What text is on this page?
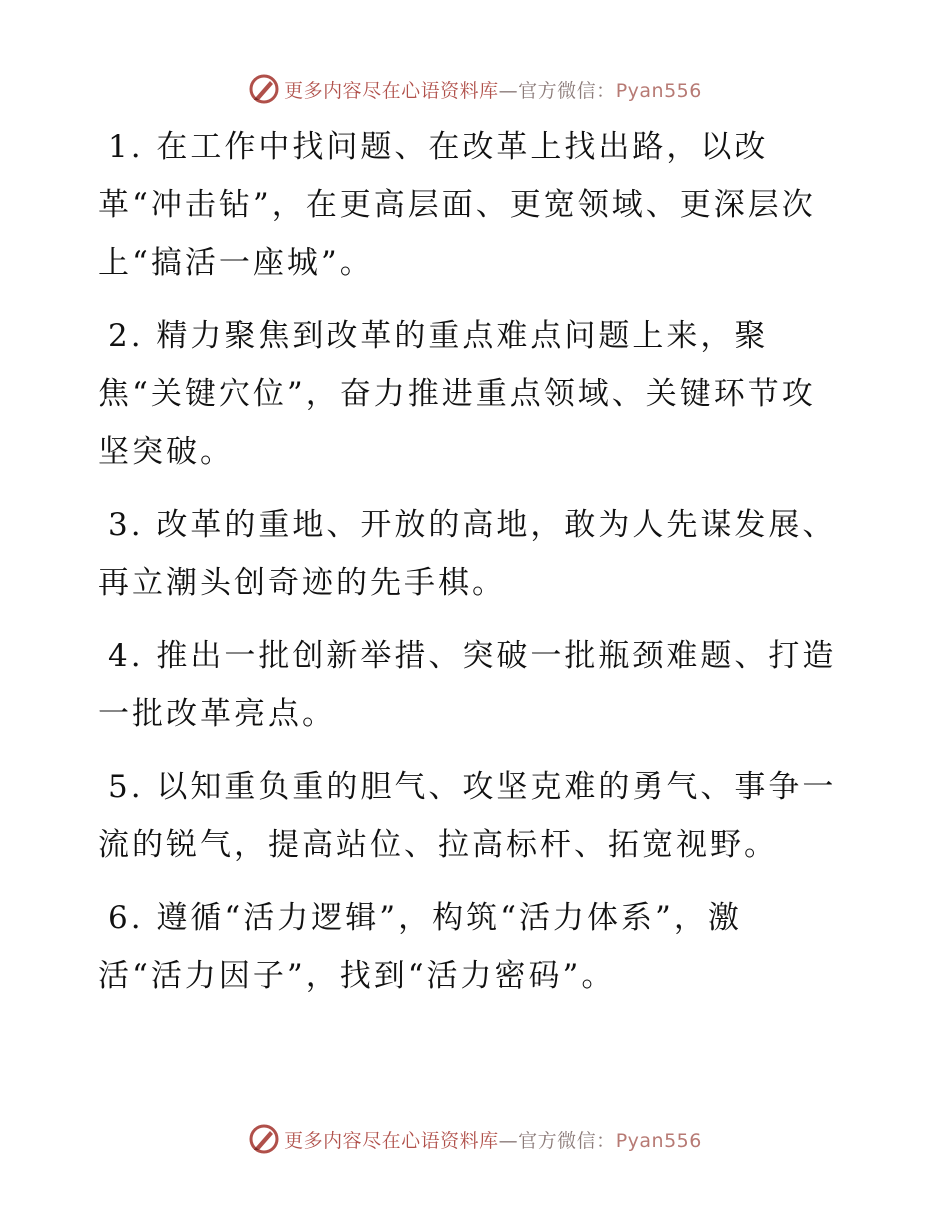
更多内容尽在心语资料库—官方微信：Pyan556

1. 在工作中找问题、在改革上找出路，以改
革“冲击钻”，在更高层面、更宽领域、更深层次
上“搞活一座城”。

2. 精力聚焦到改革的重点难点问题上来，聚
焦“关键穴位”，奋力推进重点领域、关键环节攻
坚突破。

3. 改革的重地、开放的高地，敢为人先谋发展、
再立潮头创奇迹的先手棋。

4. 推出一批创新举措、突破一批瓶颈难题、打造
一批改革亮点。

5. 以知重负重的胆气、攻坚克难的勇气、事争一
流的锐气，提高站位、拉高标杆、拓宽视野。

6. 遵循“活力逻辑”，构筑“活力体系”，激
活“活力因子”，找到“活力密码”。

更多内容尽在心语资料库—官方微信：Pyan556
